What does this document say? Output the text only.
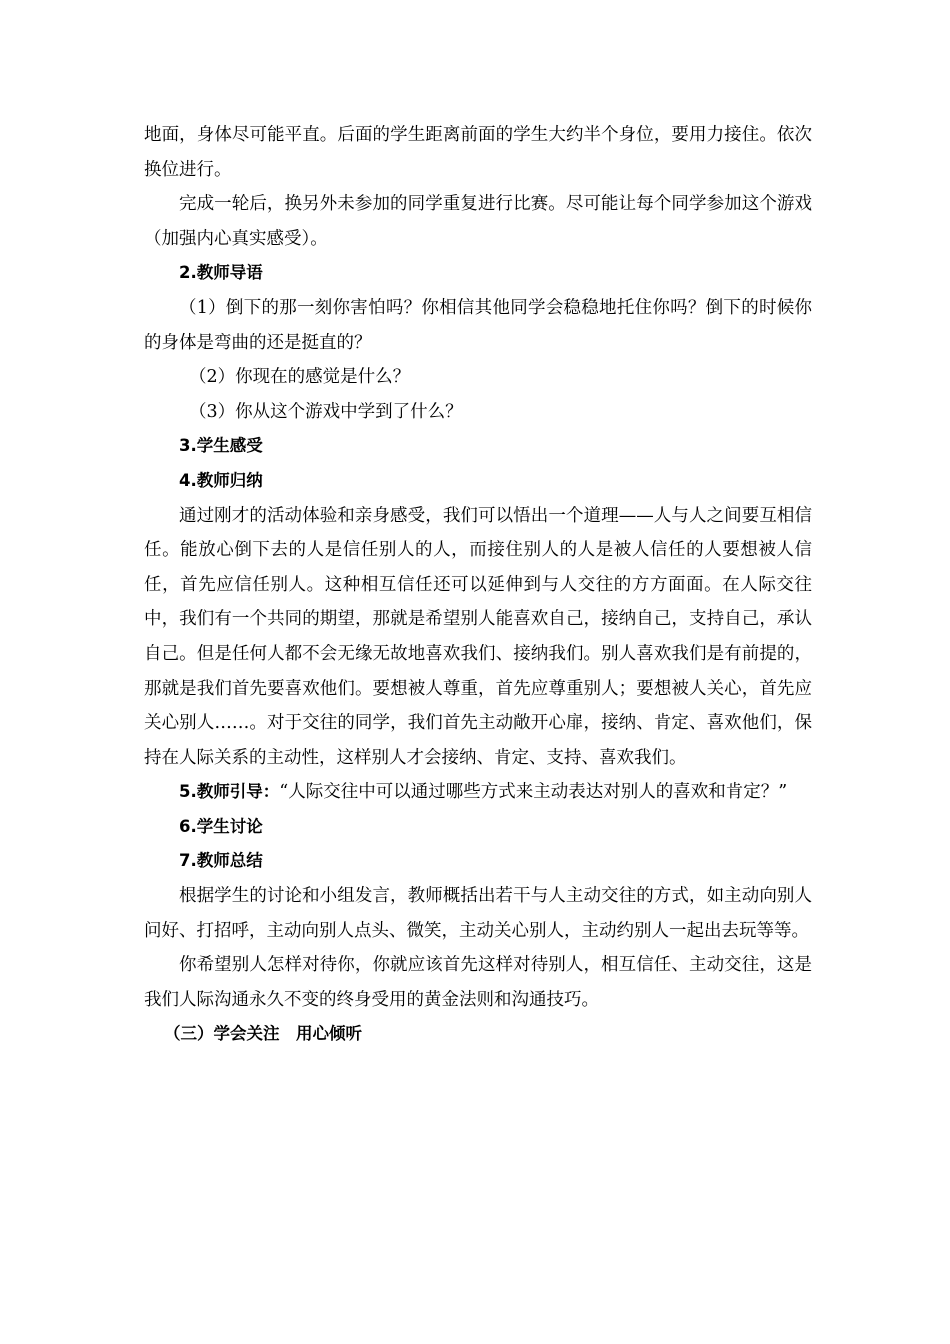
地面，身体尽可能平直。后面的学生距离前面的学生大约半个身位，要用力接住。依次换位进行。

完成一轮后，换另外未参加的同学重复进行比赛。尽可能让每个同学参加这个游戏（加强内心真实感受）。

2.教师导语

（1）倒下的那一刻你害怕吗？你相信其他同学会稳稳地托住你吗？倒下的时候你的身体是弯曲的还是挺直的？

（2）你现在的感觉是什么？

（3）你从这个游戏中学到了什么？

3.学生感受

4.教师归纳

通过刚才的活动体验和亲身感受，我们可以悟出一个道理——人与人之间要互相信任。能放心倒下去的人是信任别人的人，而接住别人的人是被人信任的人要想被人信任，首先应信任别人。这种相互信任还可以延伸到与人交往的方方面面。在人际交往中，我们有一个共同的期望，那就是希望别人能喜欢自己，接纳自己，支持自己，承认自己。但是任何人都不会无缘无故地喜欢我们、接纳我们。别人喜欢我们是有前提的，那就是我们首先要喜欢他们。要想被人尊重，首先应尊重别人；要想被人关心，首先应关心别人……。对于交往的同学，我们首先主动敞开心扉，接纳、肯定、喜欢他们，保持在人际关系的主动性，这样别人才会接纳、肯定、支持、喜欢我们。

5.教师引导：“人际交往中可以通过哪些方式来主动表达对别人的喜欢和肯定？”

6.学生讨论

7.教师总结

根据学生的讨论和小组发言，教师概括出若干与人主动交往的方式，如主动向别人问好、打招呼，主动向别人点头、微笑，主动关心别人，主动约别人一起出去玩等等。

你希望别人怎样对待你，你就应该首先这样对待别人，相互信任、主动交往，这是我们人际沟通永久不变的终身受用的黄金法则和沟通技巧。

（三）学会关注　用心倾听
